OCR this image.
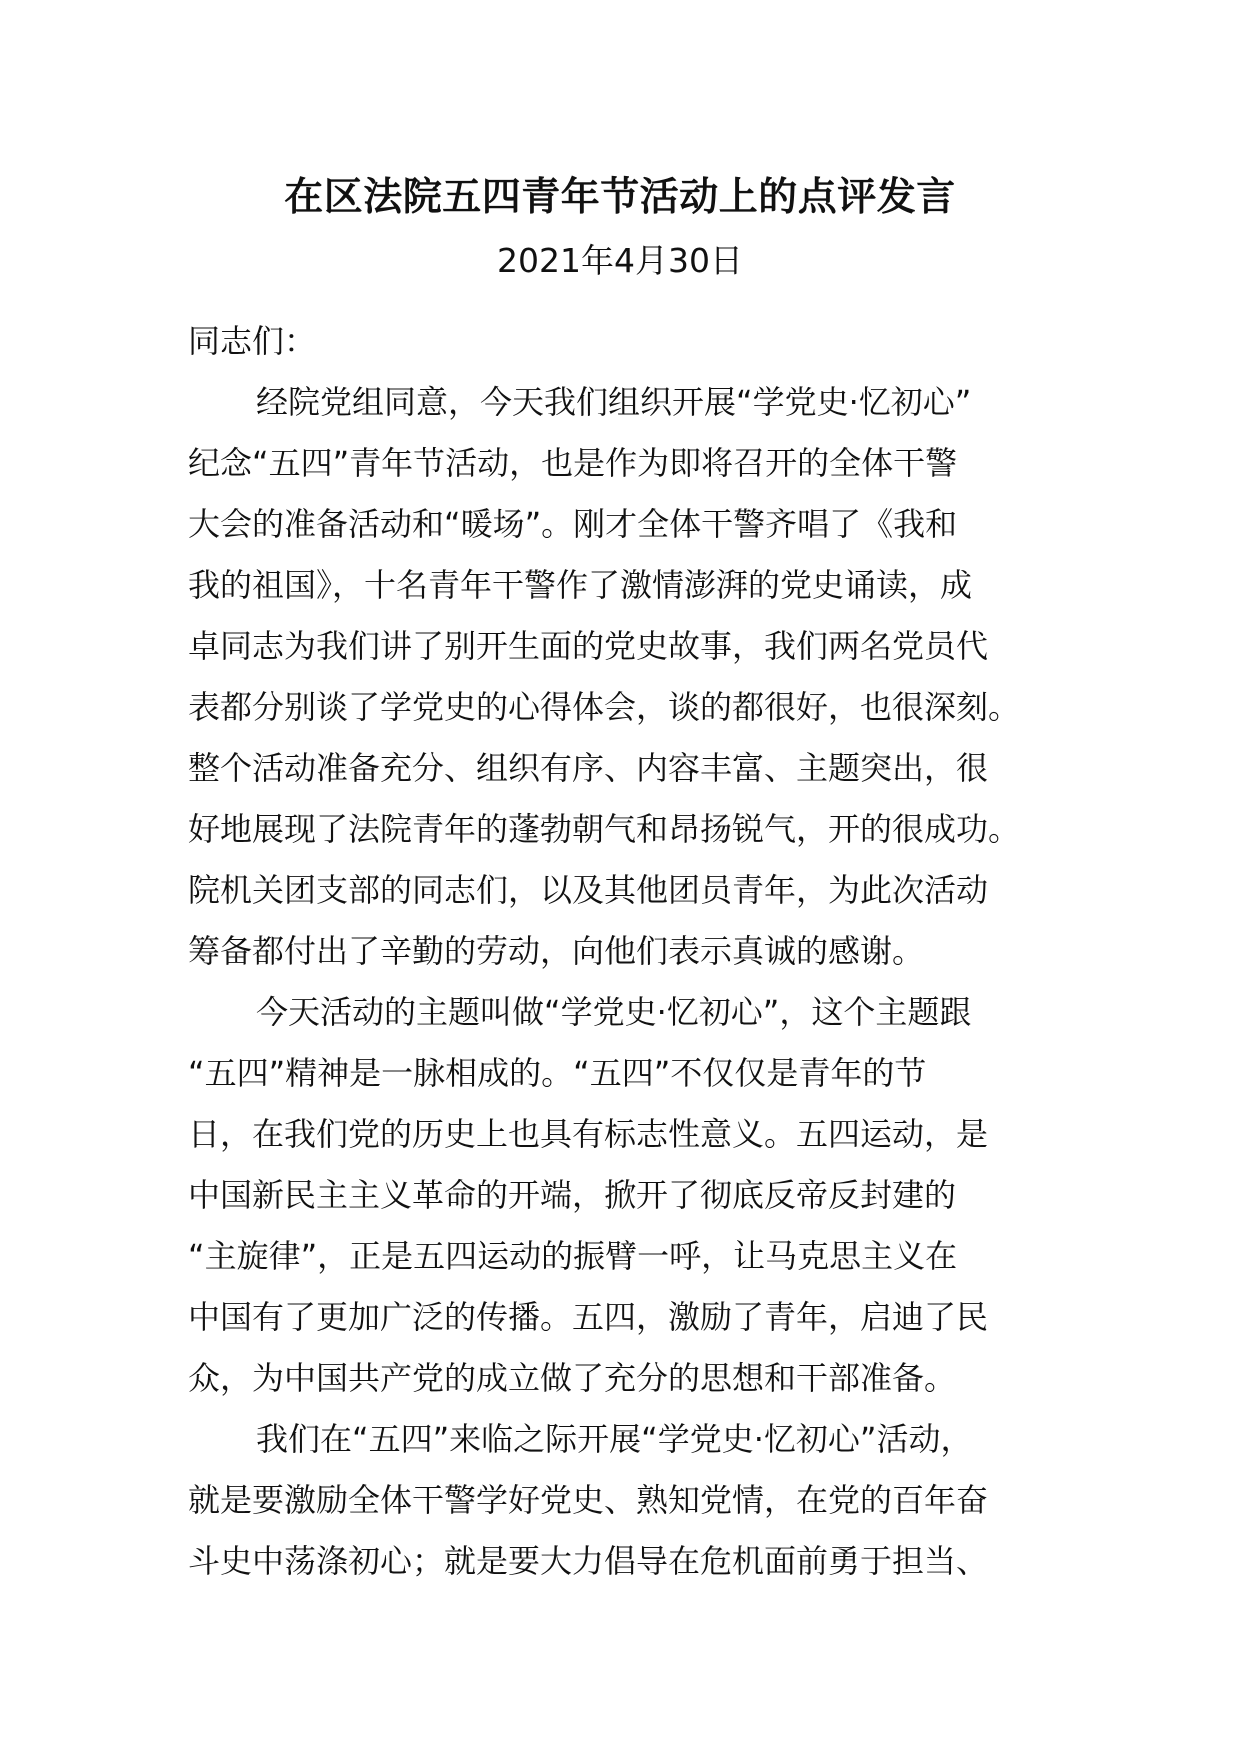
在区法院五四青年节活动上的点评发言
2021年4月30日
同志们：
经院党组同意，今天我们组织开展“学党史·忆初心”
纪念“五四”青年节活动，也是作为即将召开的全体干警
大会的准备活动和“暖场”。刚才全体干警齐唱了《我和
我的祖国》，十名青年干警作了激情澎湃的党史诵读，成
卓同志为我们讲了别开生面的党史故事，我们两名党员代
表都分别谈了学党史的心得体会，谈的都很好，也很深刻。
整个活动准备充分、组织有序、内容丰富、主题突出，很
好地展现了法院青年的蓬勃朝气和昂扬锐气，开的很成功。
院机关团支部的同志们，以及其他团员青年，为此次活动
筹备都付出了辛勤的劳动，向他们表示真诚的感谢。
今天活动的主题叫做“学党史·忆初心”，这个主题跟
“五四”精神是一脉相成的。“五四”不仅仅是青年的节
日，在我们党的历史上也具有标志性意义。五四运动，是
中国新民主主义革命的开端，掀开了彻底反帝反封建的
“主旋律”，正是五四运动的振臂一呼，让马克思主义在
中国有了更加广泛的传播。五四，激励了青年，启迪了民
众，为中国共产党的成立做了充分的思想和干部准备。
我们在“五四”来临之际开展“学党史·忆初心”活动，
就是要激励全体干警学好党史、熟知党情，在党的百年奋
斗史中荡涤初心；就是要大力倡导在危机面前勇于担当、
